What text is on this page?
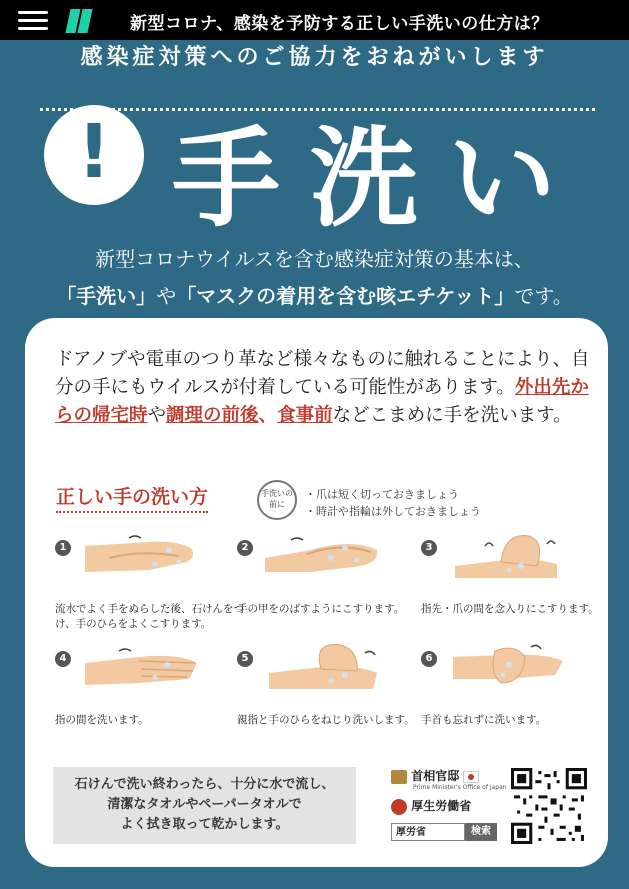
新型コロナ、感染を予防する正しい手洗いの仕方は？
感染症対策へのご協力をおねがいします
! 手洗い
新型コロナウイルスを含む感染症対策の基本は、
「手洗い」や「マスクの着用を含む咳エチケット」です。
ドアノブや電車のつり革など様々なものに触れることにより、自分の手にもウイルスが付着している可能性があります。外出先からの帰宅時や調理の前後、食事前などこまめに手を洗います。
正しい手の洗い方	手洗いの前に
・爪は短く切っておきましょう
・時計や指輪は外しておきましょう
1
流水でよく手をぬらした後、石けんをつけ、手のひらをよくこすります。
2
手の甲をのばすようにこすります。
3
指先・爪の間を念入りにこすります。
4
指の間を洗います。
5
親指と手のひらをねじり洗いします。
6
手首も忘れずに洗います。
石けんで洗い終わったら、十分に水で流し、
清潔なタオルやペーパータオルで
よく拭き取って乾かします。
首相官邸
Prime Minister's Office of Japan
厚生労働省
厚労省	検索
